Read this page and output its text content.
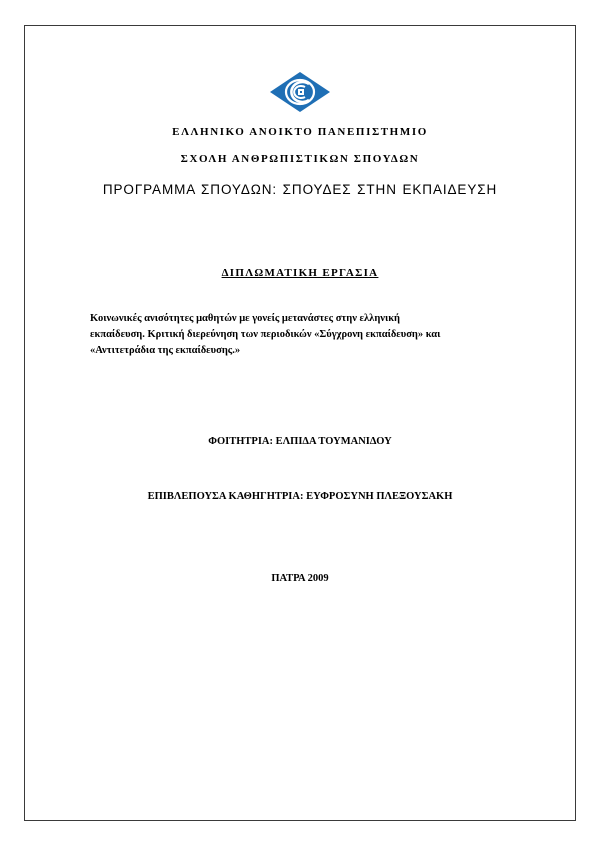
ΕΛΛΗΝΙΚΟ ΑΝΟΙΚΤΟ ΠΑΝΕΠΙΣΤΗΜΙΟ
ΣΧΟΛΗ ΑΝΘΡΩΠΙΣΤΙΚΩΝ ΣΠΟΥΔΩΝ
ΠΡΟΓΡΑΜΜΑ ΣΠΟΥΔΩΝ: ΣΠΟΥΔΕΣ ΣΤΗΝ ΕΚΠΑΙΔΕΥΣΗ
ΔΙΠΛΩΜΑΤΙΚΗ ΕΡΓΑΣΙΑ
Κοινωνικές ανισότητες μαθητών με γονείς μετανάστες στην ελληνική
εκπαίδευση. Κριτική διερεύνηση των περιοδικών «Σύγχρονη εκπαίδευση» και
«Αντιτετράδια της εκπαίδευσης.»
ΦΟΙΤΗΤΡΙΑ: ΕΛΠΙΔΑ ΤΟΥΜΑΝΙΔΟΥ
ΕΠΙΒΛΕΠΟΥΣΑ ΚΑΘΗΓΗΤΡΙΑ: ΕΥΦΡΟΣΥΝΗ ΠΛΕΞΟΥΣΑΚΗ
ΠΑΤΡΑ 2009
